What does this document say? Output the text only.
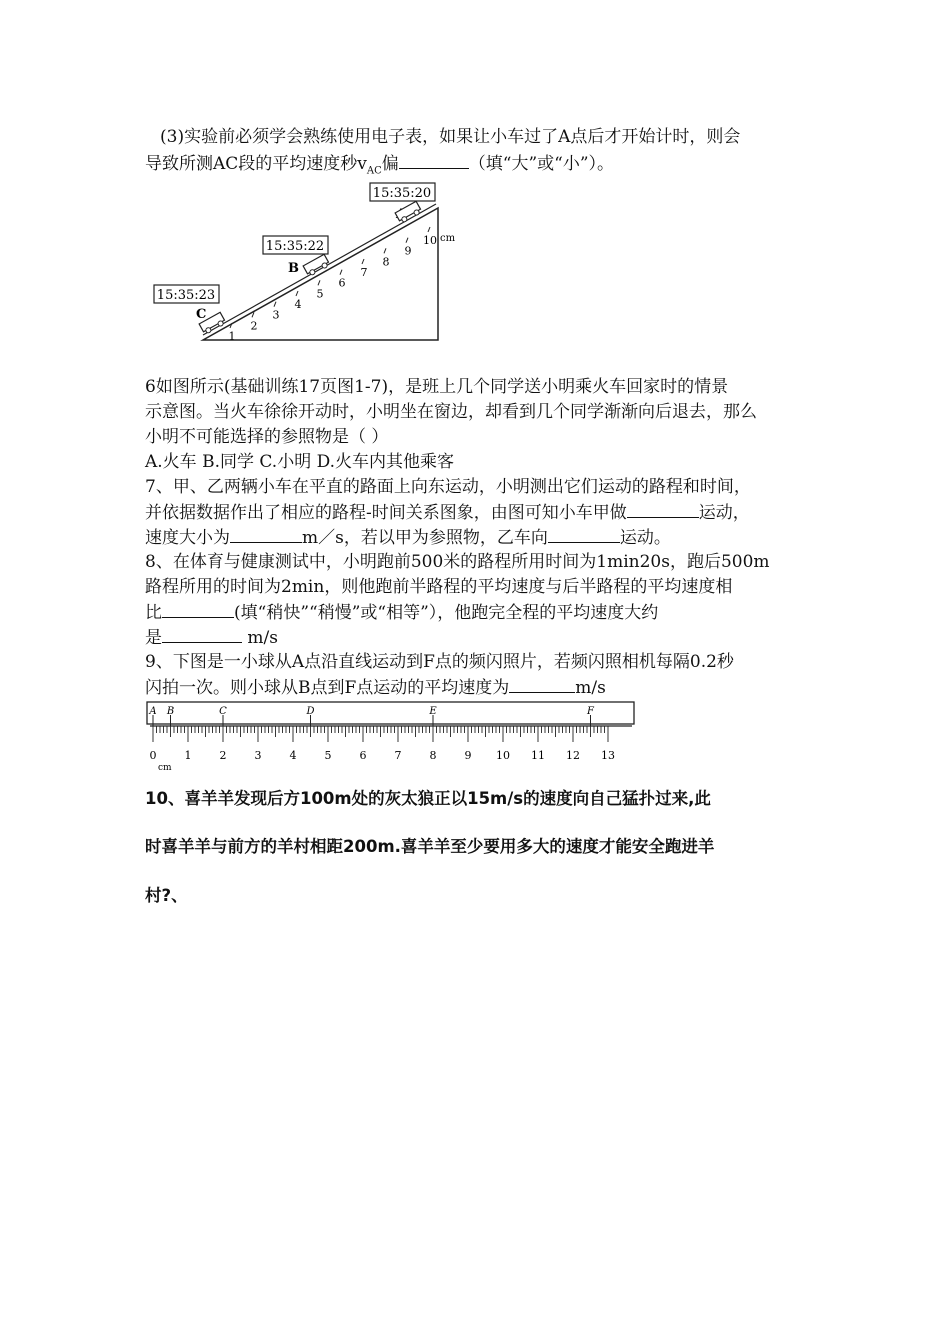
(3)实验前必须学会熟练使用电子表，如果让小车过了A点后才开始计时，则会
导致所测AC段的平均速度秒$v_{AC}$偏	（填“大”或“小”）。
15:35:20
15:35:22
15:35:23
B
C
1
2
3
4
5
6
7
8
9
10 cm
6如图所示(基础训练17页图1-7)，是班上几个同学送小明乘火车回家时的情景
示意图。当火车徐徐开动时，小明坐在窗边，却看到几个同学渐渐向后退去，那么
小明不可能选择的参照物是（ ）
A.火车 B.同学 C.小明 D.火车内其他乘客
7、甲、乙两辆小车在平直的路面上向东运动，小明测出它们运动的路程和时间，
并依据数据作出了相应的路程-时间关系图象，由图可知小车甲做	运动，
速度大小为	m／s，若以甲为参照物，乙车向	运动。
8、在体育与健康测试中，小明跑前500米的路程所用时间为1min20s，跑后500m
路程所用的时间为2min，则他跑前半路程的平均速度与后半路程的平均速度相
比	(填“稍快”“稍慢”或“相等”），他跑完全程的平均速度大约
是	m/s
9、下图是一小球从A点沿直线运动到F点的频闪照片，若频闪照相机每隔0.2秒
闪拍一次。则小球从B点到F点运动的平均速度为	m/s
A B	C	D	E	F
0	1	2	3	4	5	6	7	8	9 10 11 12 13
cm
10、喜羊羊发现后方100m处的灰太狼正以15m/s的速度向自己猛扑过来,此
时喜羊羊与前方的羊村相距200m.喜羊羊至少要用多大的速度才能安全跑进羊
村?、
